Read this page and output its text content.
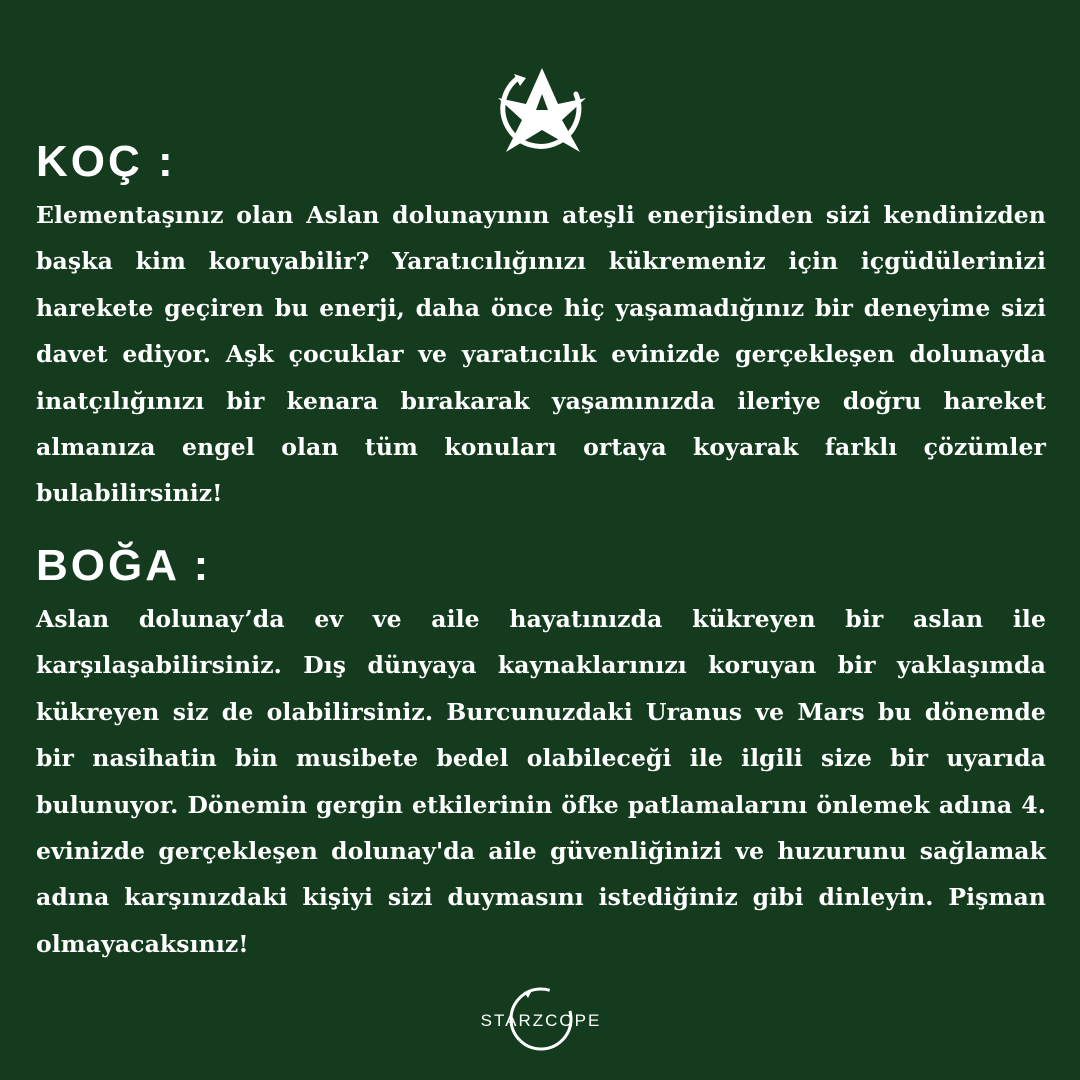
KOÇ :

Elementaşınız olan Aslan dolunayının ateşli enerjisinden sizi kendinizden başka kim koruyabilir? Yaratıcılığınızı kükremeniz için içgüdülerinizi harekete geçiren bu enerji, daha önce hiç yaşamadığınız bir deneyime sizi davet ediyor. Aşk çocuklar ve yaratıcılık evinizde gerçekleşen dolunayda inatçılığınızı bir kenara bırakarak yaşamınızda ileriye doğru hareket almanıza engel olan tüm konuları ortaya koyarak farklı çözümler bulabilirsiniz!

BOĞA :

Aslan dolunay’da ev ve aile hayatınızda kükreyen bir aslan ile karşılaşabilirsiniz. Dış dünyaya kaynaklarınızı koruyan bir yaklaşımda kükreyen siz de olabilirsiniz. Burcunuzdaki Uranus ve Mars bu dönemde bir nasihatin bin musibete bedel olabileceği ile ilgili size bir uyarıda bulunuyor. Dönemin gergin etkilerinin öfke patlamalarını önlemek adına 4. evinizde gerçekleşen dolunay'da aile güvenliğinizi ve huzurunu sağlamak adına karşınızdaki kişiyi sizi duymasını istediğiniz gibi dinleyin. Pişman olmayacaksınız!

STARZCOPE
